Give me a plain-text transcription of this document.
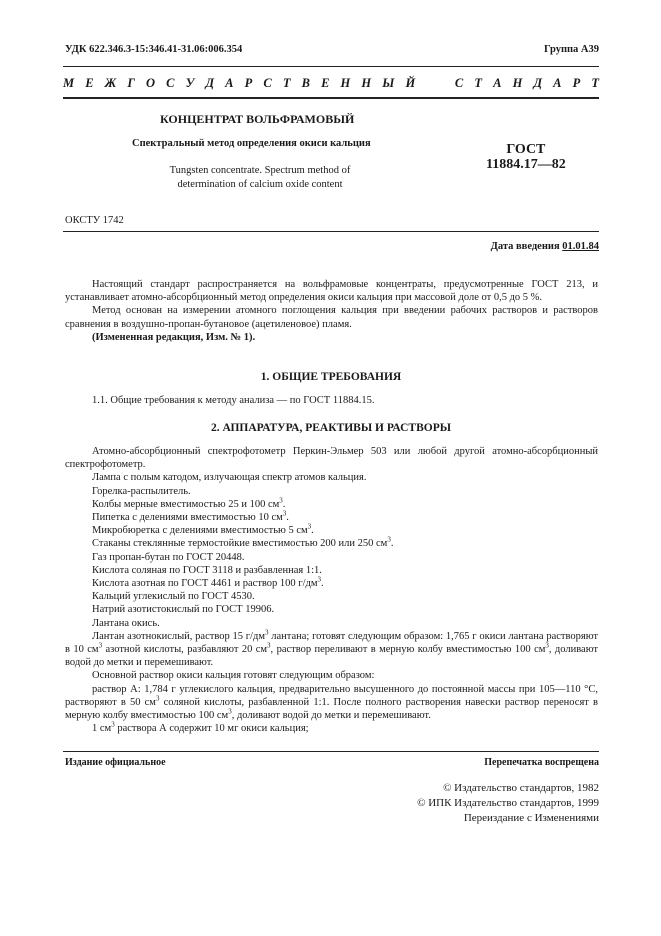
УДК 622.346.3-15:346.41-31.06:006.354	Группа А39
М Е Ж Г О С У Д А Р С Т В Е Н Н Ы Й

	С Т А Н Д А Р Т
КОНЦЕНТРАТ ВОЛЬФРАМОВЫЙ
Спектральный метод определения окиси кальция
Tungsten concentrate. Spectrum method of
determination of calcium oxide content
ГОСТ
11884.17—82
ОКСТУ 1742
Дата введения 01.01.84

Настоящий стандарт распространяется на вольфрамовые концентраты, предусмотренные ГОСТ 213, и устанавливает атомно-абсорбционный метод определения окиси кальция при массовой доле от 0,5 до 5 %.

Метод основан на измерении атомного поглощения кальция при введении рабочих растворов и растворов сравнения в воздушно-пропан-бутановое (ацетиленовое) пламя.

(Измененная редакция, Изм. № 1).

1. ОБЩИЕ ТРЕБОВАНИЯ

1.1. Общие требования к методу анализа — по ГОСТ 11884.15.

2. АППАРАТУРА, РЕАКТИВЫ И РАСТВОРЫ

Атомно-абсорбционный спектрофотометр Перкин-Эльмер 503 или любой другой атомно-абсорбционный спектрофотометр.

Лампа с полым катодом, излучающая спектр атомов кальция.

Горелка-распылитель.

Колбы мерные вместимостью 25 и 100 $см^3$.

Пипетка с делениями вместимостью 10 $см^3$.

Микробюретка с делениями вместимостью 5 $см^3$.

Стаканы стеклянные термостойкие вместимостью 200 или 250 $см^3$.

Газ пропан-бутан по ГОСТ 20448.

Кислота соляная по ГОСТ 3118 и разбавленная 1:1.

Кислота азотная по ГОСТ 4461 и раствор 100 $г/дм^3$.

Кальций углекислый по ГОСТ 4530.

Натрий азотистокислый по ГОСТ 19906.

Лантана окись.

Лантан азотнокислый, раствор 15 $г/дм^3$ лантана; готовят следующим образом: 1,765 г окиси лантана растворяют в 10 $см^3$ азотной кислоты, разбавляют 20 $см^3$, раствор переливают в мерную колбу вместимостью 100 $см^3$, доливают водой до метки и перемешивают.

Основной раствор окиси кальция готовят следующим образом:

раствор А: 1,784 г углекислого кальция, предварительно высушенного до постоянной массы при 105—110 °С, растворяют в 50 $см^3$ соляной кислоты, разбавленной 1:1. После полного растворения навески раствор переносят в мерную колбу вместимостью 100 $см^3$, доливают водой до метки и перемешивают.

1 $см^3$ раствора А содержит 10 мг окиси кальция;

Издание официальное	Перепечатка воспрещена
© Издательство стандартов, 1982
© ИПК Издательство стандартов, 1999
Переиздание с Изменениями
